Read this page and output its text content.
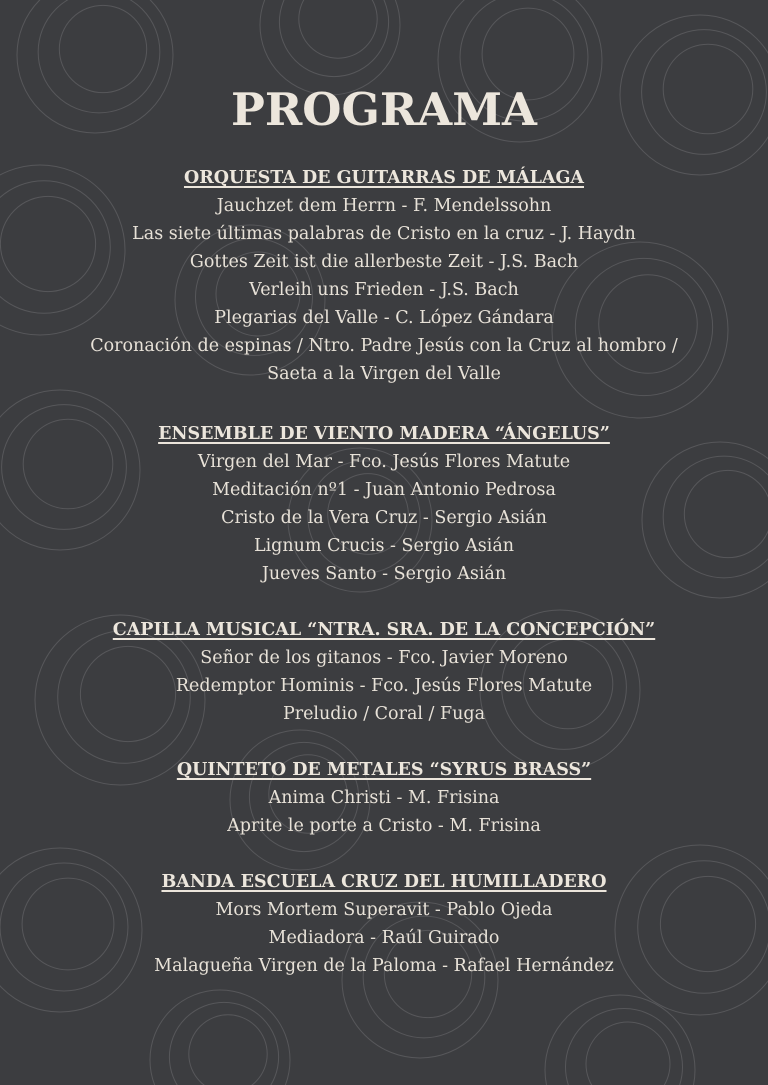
PROGRAMA
ORQUESTA DE GUITARRAS DE MÁLAGA
Jauchzet dem Herrn - F. Mendelssohn
Las siete últimas palabras de Cristo en la cruz - J. Haydn
Gottes Zeit ist die allerbeste Zeit - J.S. Bach
Verleih uns Frieden - J.S. Bach
Plegarias del Valle - C. López Gándara
Coronación de espinas / Ntro. Padre Jesús con la Cruz al hombro /
Saeta a la Virgen del Valle
ENSEMBLE DE VIENTO MADERA “ÁNGELUS”
Virgen del Mar - Fco. Jesús Flores Matute
Meditación nº1 - Juan Antonio Pedrosa
Cristo de la Vera Cruz - Sergio Asián
Lignum Crucis - Sergio Asián
Jueves Santo - Sergio Asián
CAPILLA MUSICAL “NTRA. SRA. DE LA CONCEPCIÓN”
Señor de los gitanos - Fco. Javier Moreno
Redemptor Hominis - Fco. Jesús Flores Matute
Preludio / Coral / Fuga
QUINTETO DE METALES “SYRUS BRASS”
Anima Christi - M. Frisina
Aprite le porte a Cristo - M. Frisina
BANDA ESCUELA CRUZ DEL HUMILLADERO
Mors Mortem Superavit - Pablo Ojeda
Mediadora - Raúl Guirado
Malagueña Virgen de la Paloma - Rafael Hernández
